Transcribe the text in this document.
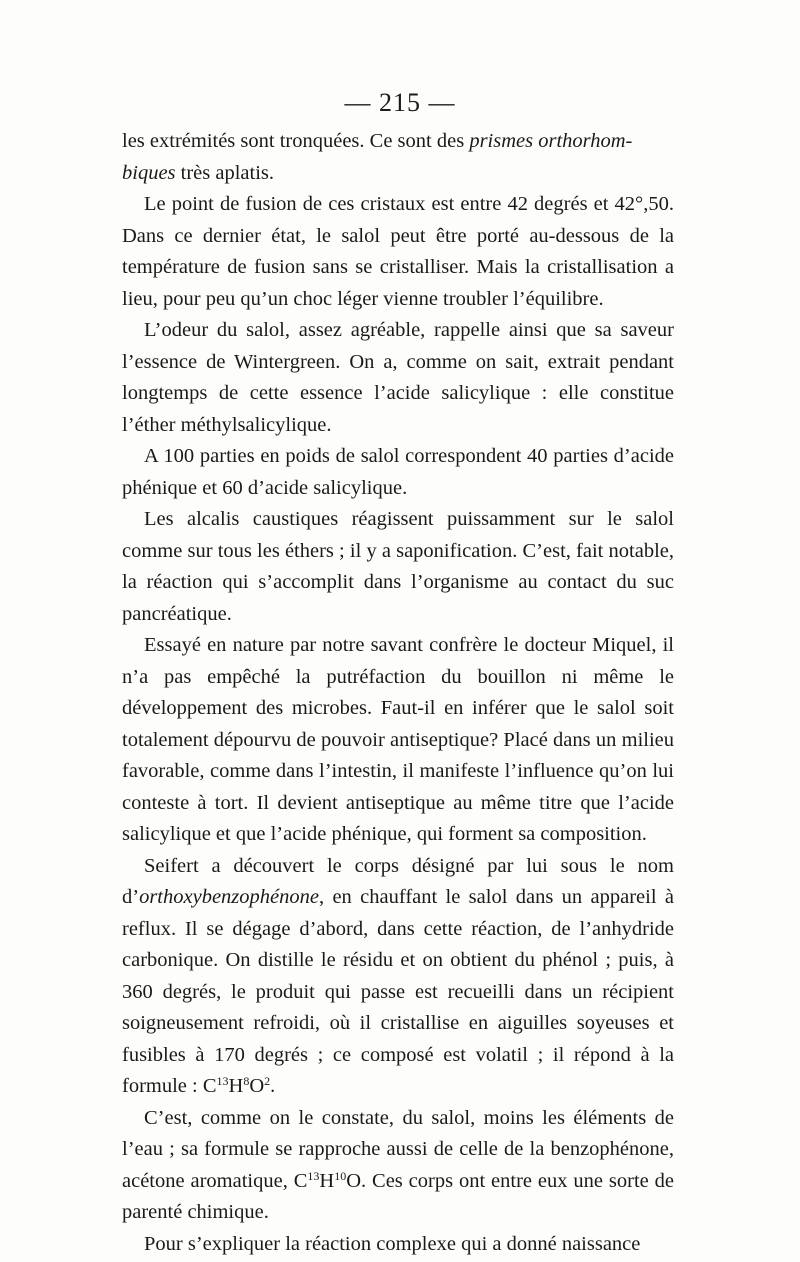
— 215 —

les extrémités sont tronquées. Ce sont des prismes orthorhom-
biques très aplatis.

Le point de fusion de ces cristaux est entre 42 degrés et 42°,50. Dans ce dernier état, le salol peut être porté au-dessous de la température de fusion sans se cristalliser. Mais la cristallisation a lieu, pour peu qu’un choc léger vienne troubler l’équilibre.

L’odeur du salol, assez agréable, rappelle ainsi que sa saveur l’essence de Wintergreen. On a, comme on sait, extrait pendant longtemps de cette essence l’acide salicylique : elle constitue l’éther méthylsalicylique.

A 100 parties en poids de salol correspondent 40 parties d’acide phénique et 60 d’acide salicylique.

Les alcalis caustiques réagissent puissamment sur le salol comme sur tous les éthers ; il y a saponification. C’est, fait notable, la réaction qui s’accomplit dans l’organisme au contact du suc pancréatique.

Essayé en nature par notre savant confrère le docteur Miquel, il n’a pas empêché la putréfaction du bouillon ni même le développement des microbes. Faut-il en inférer que le salol soit totalement dépourvu de pouvoir antiseptique? Placé dans un milieu favorable, comme dans l’intestin, il manifeste l’influence qu’on lui conteste à tort. Il devient antiseptique au même titre que l’acide salicylique et que l’acide phénique, qui forment sa composition.

Seifert a découvert le corps désigné par lui sous le nom d’orthoxybenzophénone, en chauffant le salol dans un appareil à reflux. Il se dégage d’abord, dans cette réaction, de l’anhydride carbonique. On distille le résidu et on obtient du phénol ; puis, à 360 degrés, le produit qui passe est recueilli dans un récipient soigneusement refroidi, où il cristallise en aiguilles soyeuses et fusibles à 170 degrés ; ce composé est volatil ; il répond à la formule : $C^{13}H^8O^2$.

C’est, comme on le constate, du salol, moins les éléments de l’eau ; sa formule se rapproche aussi de celle de la benzophénone, acétone aromatique, $C^{13}H^{10}O$. Ces corps ont entre eux une sorte de parenté chimique.

Pour s’expliquer la réaction complexe qui a donné naissance
